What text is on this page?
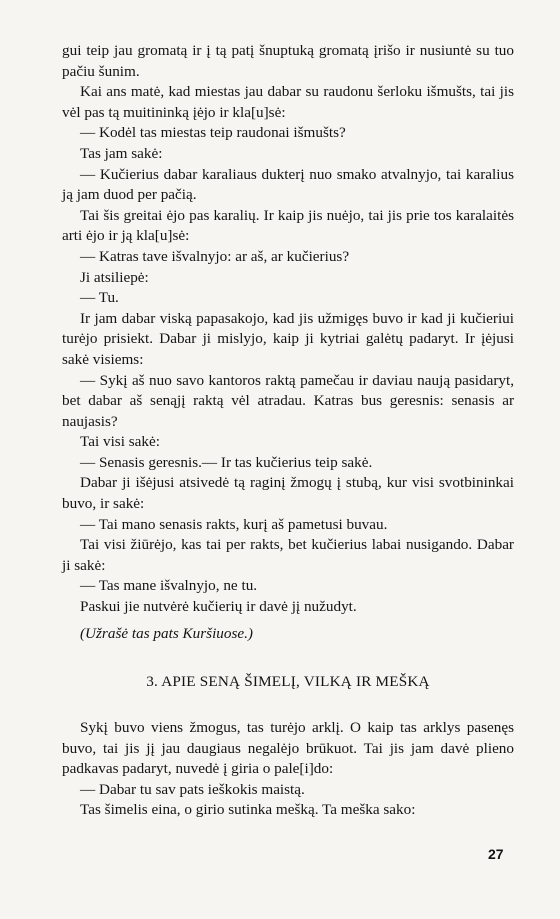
gui teip jau gromatą ir į tą patį šnuptuką gromatą įrišo ir nusiuntė su tuo pačiu šunim.

Kai ans matė, kad miestas jau dabar su raudonu šerloku išmušts, tai jis vėl pas tą muitininką įėjo ir kla[u]sė:

— Kodėl tas miestas teip raudonai išmušts?

Tas jam sakė:

— Kučierius dabar karaliaus dukterį nuo smako atvalnyjo, tai karalius ją jam duod per pačią.

Tai šis greitai ėjo pas karalių. Ir kaip jis nuėjo, tai jis prie tos karalaitės arti ėjo ir ją kla[u]sė:

— Katras tave išvalnyjo: ar aš, ar kučierius?

Ji atsiliepė:

— Tu.

Ir jam dabar viską papasakojo, kad jis užmigęs buvo ir kad ji kučieriui turėjo prisiekt. Dabar ji mislyjo, kaip ji kytriai galėtų padaryt. Ir įėjusi sakė visiems:

— Sykį aš nuo savo kantoros raktą pamečau ir daviau naują pasidaryt, bet dabar aš senąjį raktą vėl atradau. Katras bus geresnis: senasis ar naujasis?

Tai visi sakė:

— Senasis geresnis.— Ir tas kučierius teip sakė.

Dabar ji išėjusi atsivedė tą raginį žmogų į stubą, kur visi svotbininkai buvo, ir sakė:

— Tai mano senasis rakts, kurį aš pametusi buvau.

Tai visi žiūrėjo, kas tai per rakts, bet kučierius labai nusigando. Dabar ji sakė:

— Tas mane išvalnyjo, ne tu.

Paskui jie nutvėrė kučierių ir davė jį nužudyt.

(Užrašė tas pats Kuršiuose.)

3. APIE SENĄ ŠIMELĮ, VILKĄ IR MEŠKĄ

Sykį buvo viens žmogus, tas turėjo arklį. O kaip tas arklys pasenęs buvo, tai jis jį jau daugiaus negalėjo brūkuot. Tai jis jam davė plieno padkavas padaryt, nuvedė į giria o pale[i]do:

— Dabar tu sav pats ieškokis maistą.

Tas šimelis eina, o girio sutinka mešką. Ta meška sako:

27
